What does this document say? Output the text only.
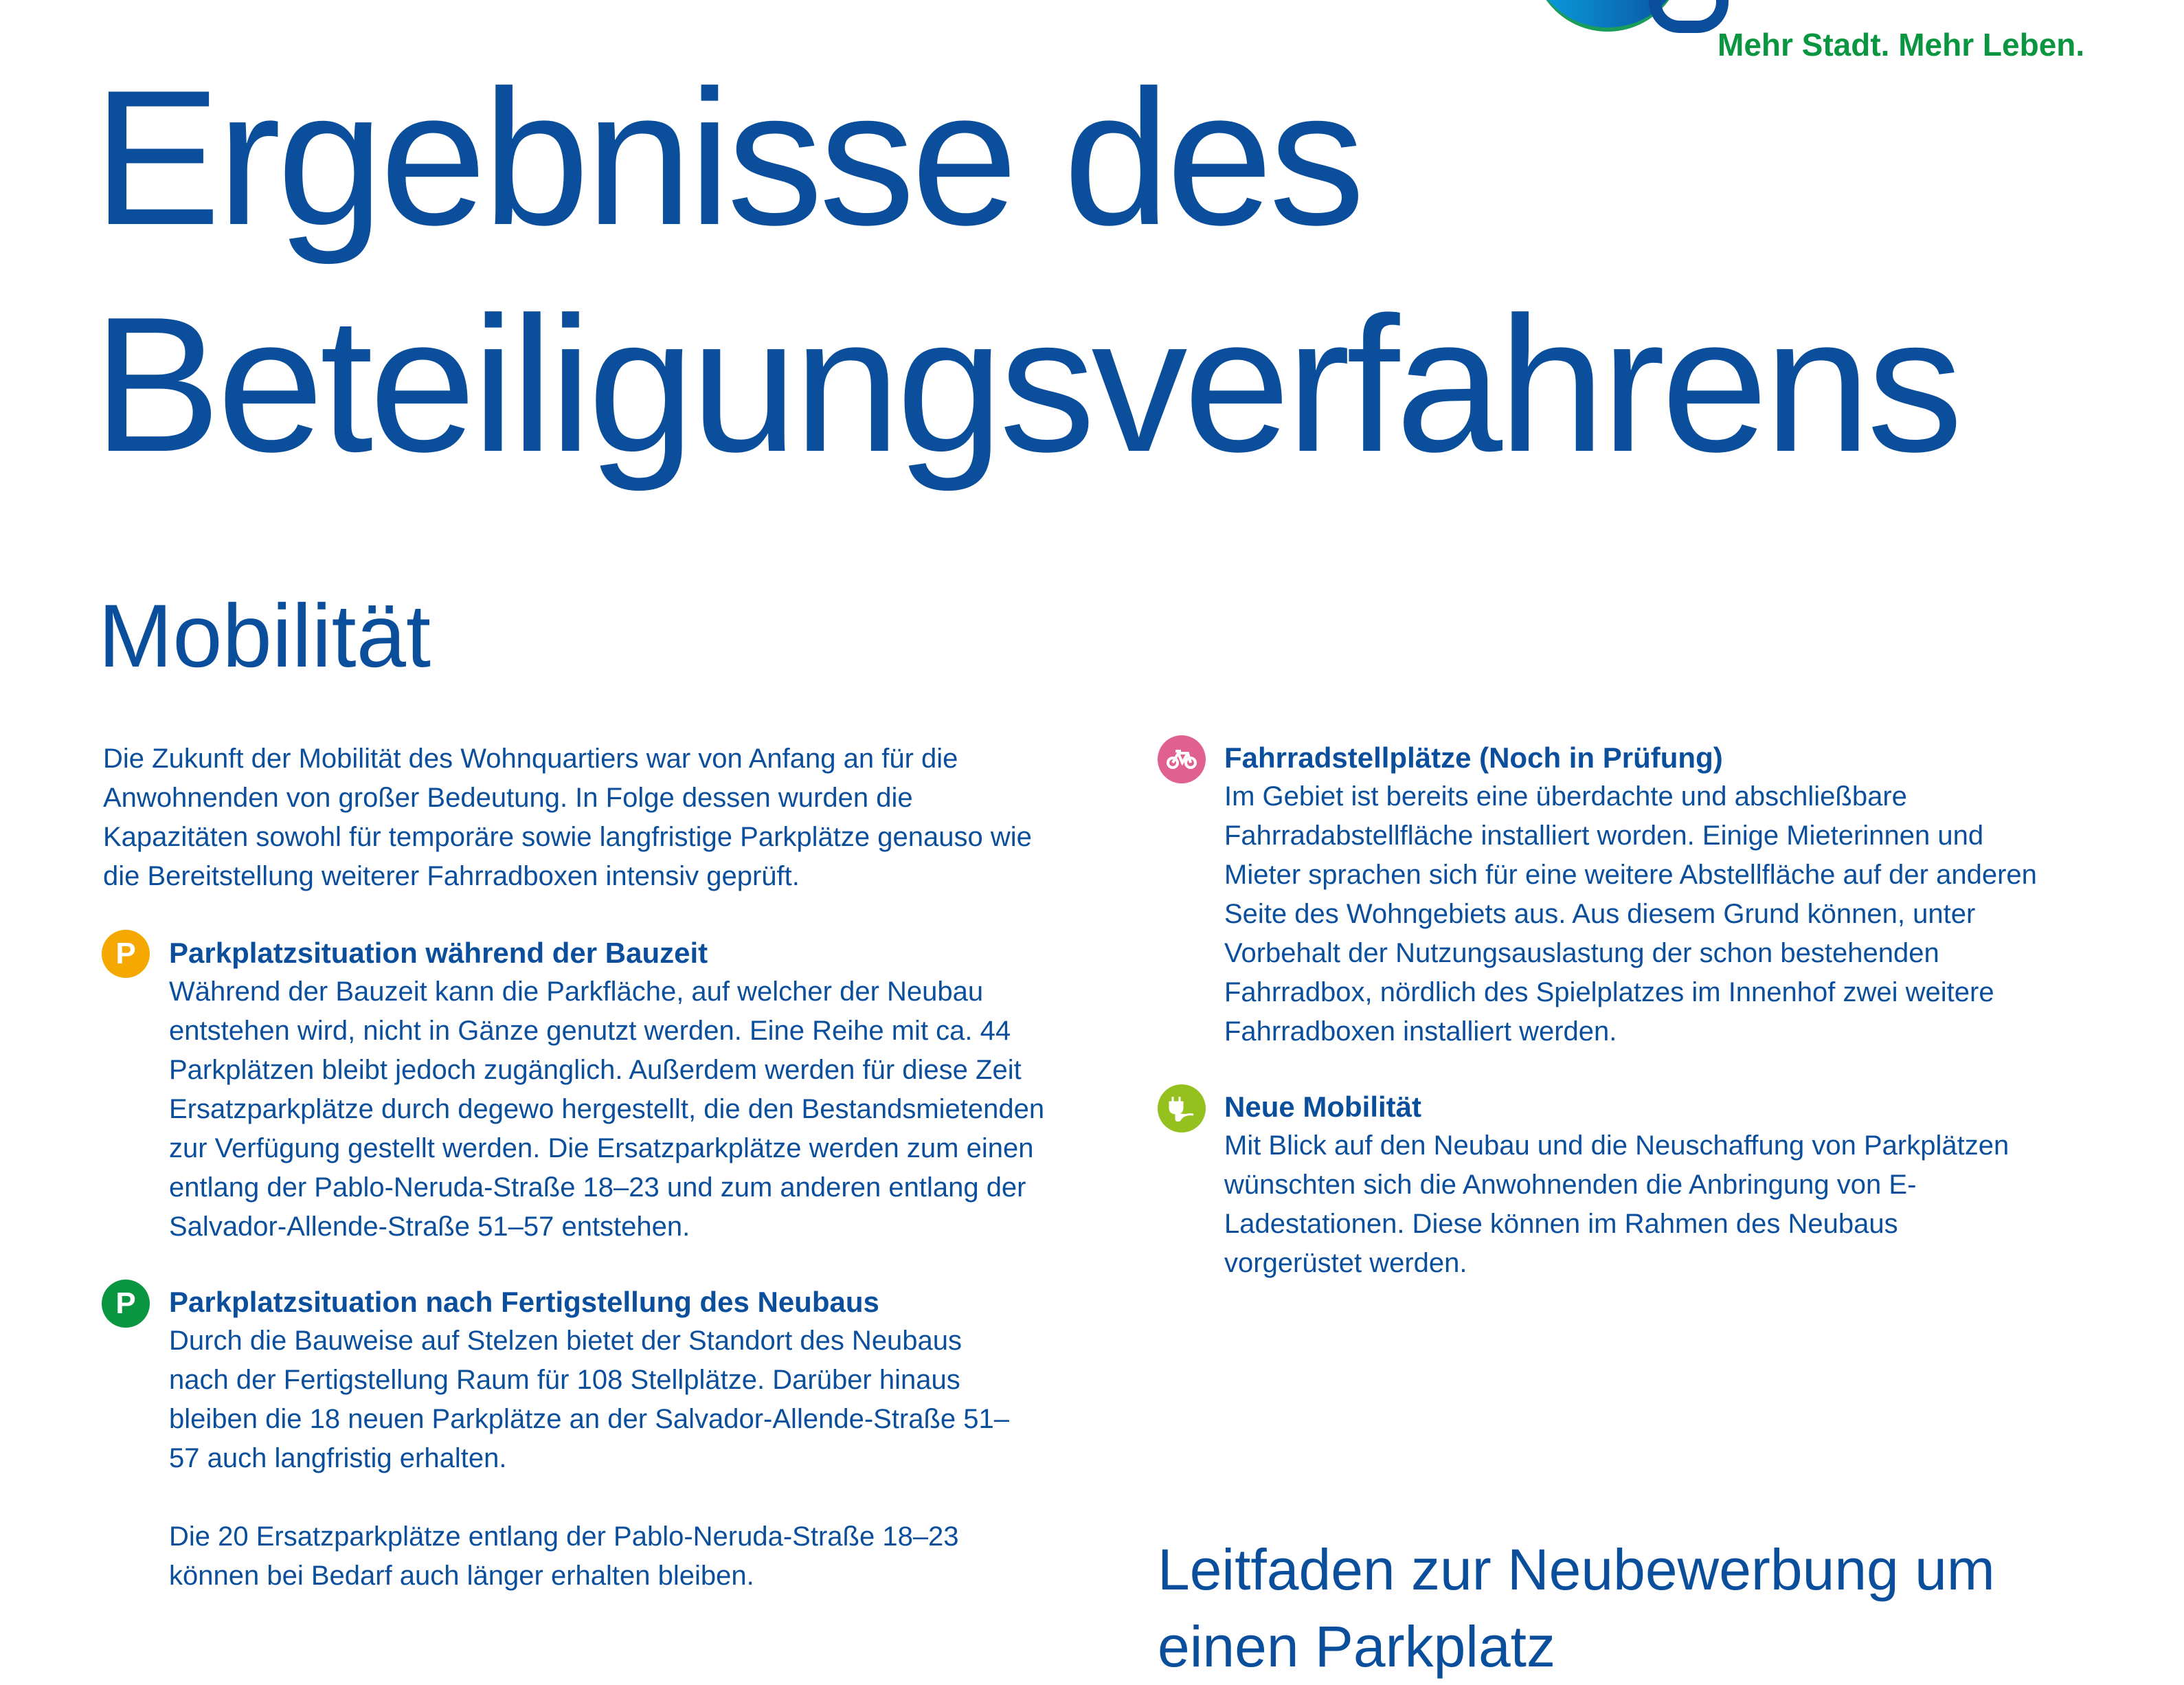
Mehr Stadt. Mehr Leben.
Ergebnisse des
Beteiligungsverfahrens
Mobilität
Die Zukunft der Mobilität des Wohnquartiers war von Anfang an für die Anwohnenden von großer Bedeutung. In Folge dessen wurden die Kapazitäten sowohl für temporäre sowie langfristige Parkplätze genauso wie die Bereitstellung weiterer Fahrradboxen intensiv geprüft.
P Parkplatzsituation während der Bauzeit
Während der Bauzeit kann die Parkfläche, auf welcher der Neubau entstehen wird, nicht in Gänze genutzt werden. Eine Reihe mit ca. 44 Parkplätzen bleibt jedoch zugänglich. Außerdem werden für diese Zeit Ersatzparkplätze durch degewo hergestellt, die den Bestandsmietenden zur Verfügung gestellt werden. Die Ersatzparkplätze werden zum einen entlang der Pablo-Neruda-Straße 18–23 und zum anderen entlang der Salvador-Allende-Straße 51–57 entstehen.
P Parkplatzsituation nach Fertigstellung des Neubaus
Durch die Bauweise auf Stelzen bietet der Standort des Neubaus nach der Fertigstellung Raum für 108 Stellplätze. Darüber hinaus bleiben die 18 neuen Parkplätze an der Salvador-Allende-Straße 51–57 auch langfristig erhalten.
Die 20 Ersatzparkplätze entlang der Pablo-Neruda-Straße 18–23 können bei Bedarf auch länger erhalten bleiben.
Fahrradstellplätze (Noch in Prüfung)
Im Gebiet ist bereits eine überdachte und abschließbare Fahrradabstellfläche installiert worden. Einige Mieterinnen und Mieter sprachen sich für eine weitere Abstellfläche auf der anderen Seite des Wohngebiets aus. Aus diesem Grund können, unter Vorbehalt der Nutzungsauslastung der schon bestehenden Fahrradbox, nördlich des Spielplatzes im Innenhof zwei weitere Fahrradboxen installiert werden.
Neue Mobilität
Mit Blick auf den Neubau und die Neuschaffung von Parkplätzen wünschten sich die Anwohnenden die Anbringung von E-Ladestationen. Diese können im Rahmen des Neubaus vorgerüstet werden.
Leitfaden zur Neubewerbung um einen Parkplatz
